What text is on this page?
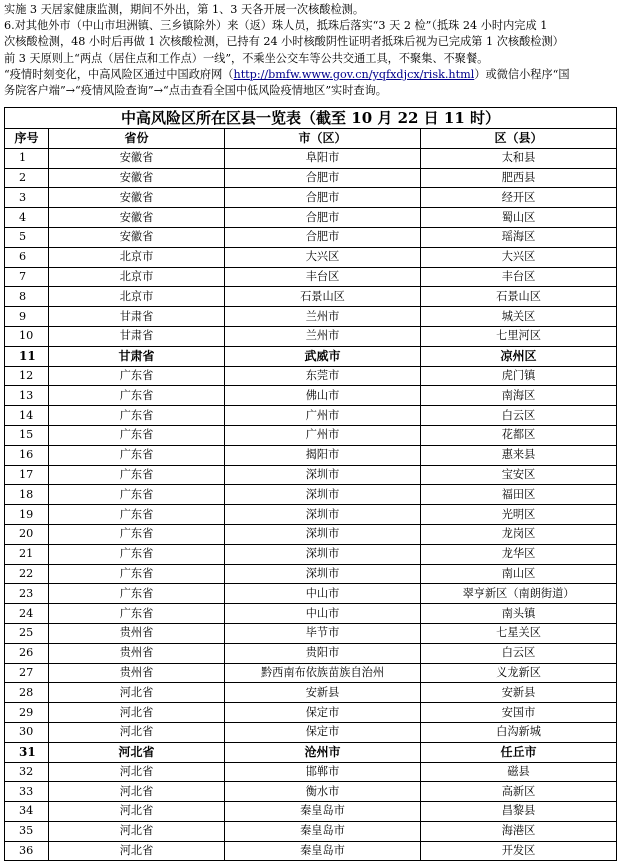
实施 3 天居家健康监测，期间不外出，第 1、3 天各开展一次核酸检测。

6.对其他外市（中山市坦洲镇、三乡镇除外）来（返）珠人员，抵珠后落实“3 天 2 检”（抵珠 24 小时内完成 1

次核酸检测，48 小时后再做 1 次核酸检测，已持有 24 小时核酸阴性证明者抵珠后视为已完成第 1 次核酸检测）

前 3 天原则上“两点（居住点和工作点）一线”，不乘坐公交车等公共交通工具，不聚集、不聚餐。

“疫情时刻变化，中高风险区通过中国政府网（http://bmfw.www.gov.cn/yqfxdjcx/risk.html）或微信小程序“国

务院客户端”→“疫情风险查询”→“点击查看全国中低风险疫情地区”实时查询。

中高风险区所在区县一览表（截至 10 月 22 日 11 时）			
序号	省份	市（区）	区（县）
1	安徽省	阜阳市	太和县
2	安徽省	合肥市	肥西县
3	安徽省	合肥市	经开区
4	安徽省	合肥市	蜀山区
5	安徽省	合肥市	瑶海区
6	北京市	大兴区	大兴区
7	北京市	丰台区	丰台区
8	北京市	石景山区	石景山区
9	甘肃省	兰州市	城关区
10	甘肃省	兰州市	七里河区
11	甘肃省	武威市	凉州区
12	广东省	东莞市	虎门镇
13	广东省	佛山市	南海区
14	广东省	广州市	白云区
15	广东省	广州市	花都区
16	广东省	揭阳市	惠来县
17	广东省	深圳市	宝安区
18	广东省	深圳市	福田区
19	广东省	深圳市	光明区
20	广东省	深圳市	龙岗区
21	广东省	深圳市	龙华区
22	广东省	深圳市	南山区
23	广东省	中山市	翠亨新区（南朗街道）
24	广东省	中山市	南头镇
25	贵州省	毕节市	七星关区
26	贵州省	贵阳市	白云区
27	贵州省	黔西南布依族苗族自治州	义龙新区
28	河北省	安新县	安新县
29	河北省	保定市	安国市
30	河北省	保定市	白沟新城
31	河北省	沧州市	任丘市
32	河北省	邯郸市	磁县
33	河北省	衡水市	高新区
34	河北省	秦皇岛市	昌黎县
35	河北省	秦皇岛市	海港区
36	河北省	秦皇岛市	开发区
